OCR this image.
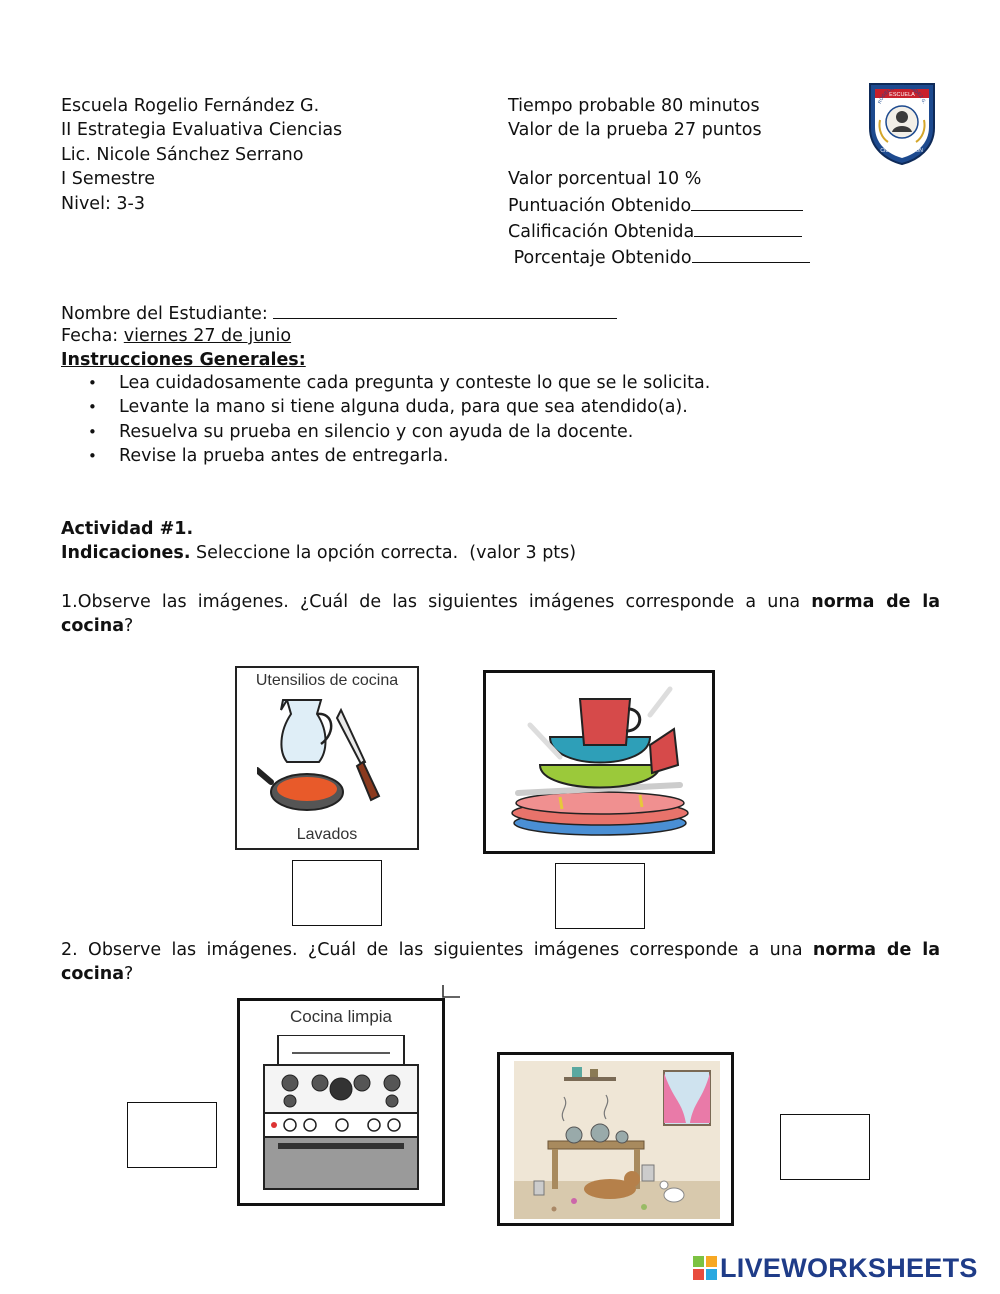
Escuela Rogelio Fernández G.
II Estrategia Evaluativa Ciencias
Lic. Nicole Sánchez Serrano
I Semestre
Nivel: 3-3
Tiempo probable 80 minutos
Valor de la prueba 27 puntos

Valor porcentual 10 %
Puntuación Obtenido
Calificación Obtenida
Porcentaje Obtenido
ESCUELA
ROGELIO FERNÁNDEZ G.
CIUDAD COLÓN
Nombre del Estudiante:
Fecha: viernes 27 de junio
Instrucciones Generales:
• Lea cuidadosamente cada pregunta y conteste lo que se le solicita.
• Levante la mano si tiene alguna duda, para que sea atendido(a).
• Resuelva su prueba en silencio y con ayuda de la docente.
• Revise la prueba antes de entregarla.
Actividad #1.
Indicaciones. Seleccione la opción correcta.  (valor 3 pts)
1.Observe las imágenes. ¿Cuál de las siguientes imágenes corresponde a una norma de la cocina?
Utensilios de cocina
Lavados
2. Observe las imágenes. ¿Cuál de las siguientes imágenes corresponde a una norma de la cocina?
Cocina limpia
LIVEWORKSHEETS
